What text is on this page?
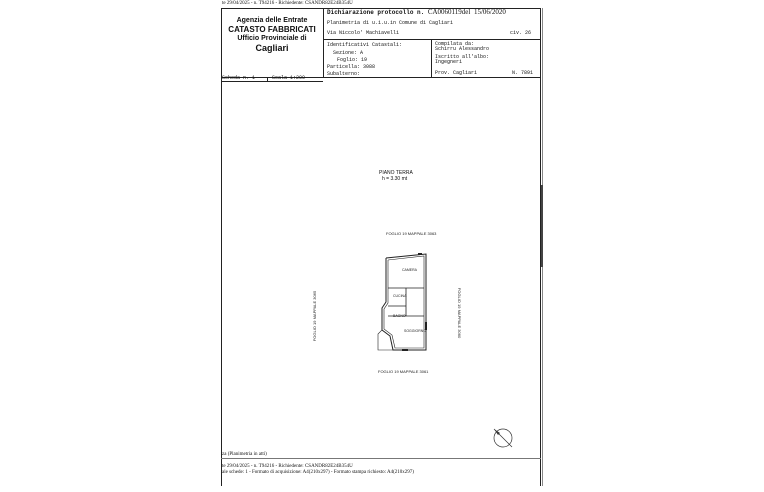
te 29/04/2025 - n. T94216 - Richiedente: CSANDR82E24B354U
Agenzia delle Entrate
CATASTO FABBRICATI
Ufficio Provinciale di
Cagliari
Dichiarazione protocollo n. CA0060119del 15/06/2020
Planimetria di u.i.u.in Comune di Cagliari
Via Niccolo' Machiavelli	civ. 26
Identificativi Catastali:
Sezione: A
Foglio: 19
Particella: 3088
Subalterno:
Compilata da:
Schirru Alessandro
Iscritto all'albo:
Ingegneri
Prov. Cagliari	N. 7891
Scheda n. 1	Scala 1:200
PIANO TERRA
h = 3.30 mt
FOGLIO 19 MAPPALE 3063
FOGLIO 19 MAPPALE 3061
FOGLIO 19 MAPPALE 3065	FOGLIO 19 MAPPALE 3060
CAMERA
CUCINA
BAGNO
SOGGIORNO
za (Planimetria in atti)
te 29/04/2025 - n. T94216 - Richiedente: CSANDR82E24B354U
ale schede: 1 - Formato di acquisizione: A4(210x297) - Formato stampa richiesto: A4(210x297)
